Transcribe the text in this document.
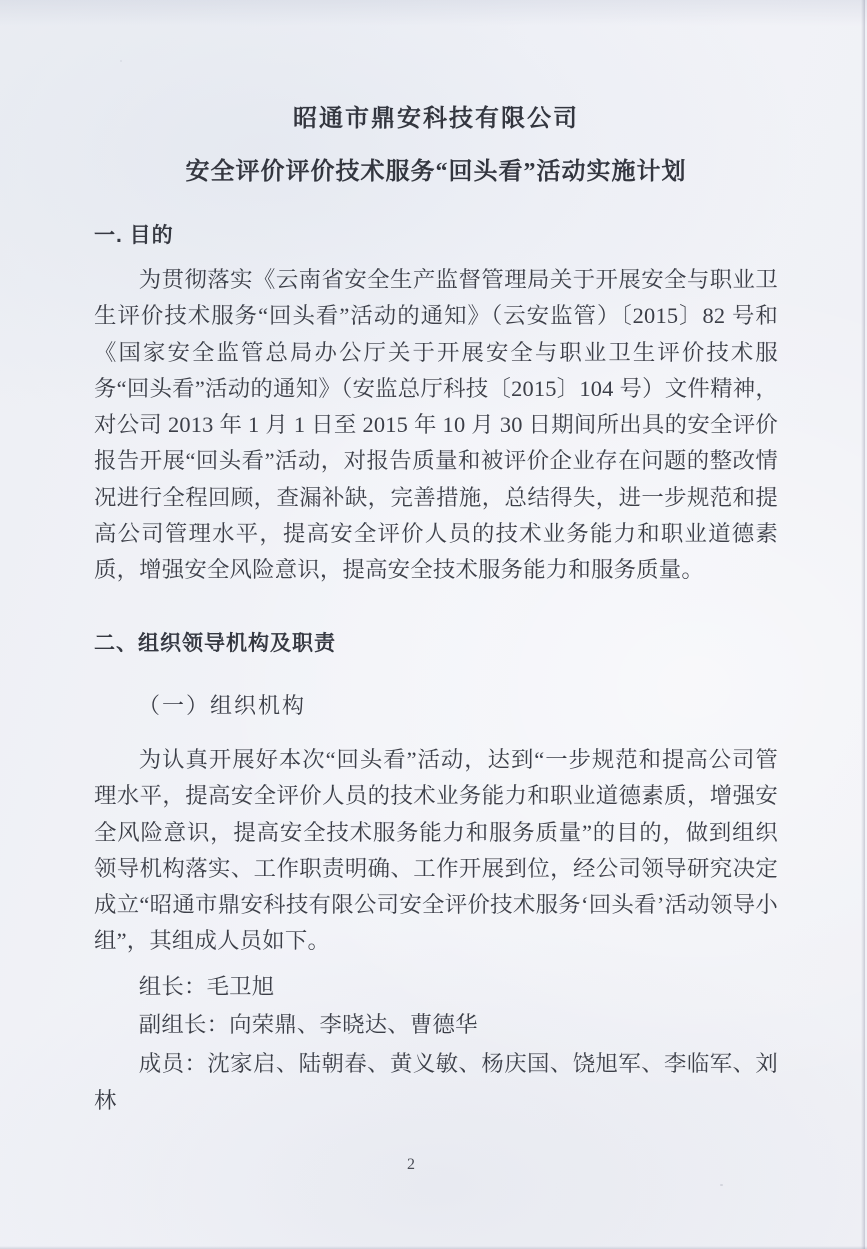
昭通市鼎安科技有限公司
安全评价评价技术服务“回头看”活动实施计划
一. 目的
为贯彻落实《云南省安全生产监督管理局关于开展安全与职业卫生评价技术服务“回头看”活动的通知》（云安监管）〔2015〕82 号和《国家安全监管总局办公厅关于开展安全与职业卫生评价技术服务“回头看”活动的通知》（安监总厅科技〔2015〕104 号）文件精神，对公司 2013 年 1 月 1 日至 2015 年 10 月 30 日期间所出具的安全评价报告开展“回头看”活动，对报告质量和被评价企业存在问题的整改情况进行全程回顾，查漏补缺，完善措施，总结得失，进一步规范和提高公司管理水平，提高安全评价人员的技术业务能力和职业道德素质，增强安全风险意识，提高安全技术服务能力和服务质量。
二、组织领导机构及职责
（一）组织机构
为认真开展好本次“回头看”活动，达到“一步规范和提高公司管理水平，提高安全评价人员的技术业务能力和职业道德素质，增强安全风险意识，提高安全技术服务能力和服务质量”的目的，做到组织领导机构落实、工作职责明确、工作开展到位，经公司领导研究决定成立“昭通市鼎安科技有限公司安全评价技术服务‘回头看’活动领导小组”，其组成人员如下。
组长：毛卫旭
副组长：向荣鼎、李晓达、曹德华
成员：沈家启、陆朝春、黄义敏、杨庆国、饶旭军、李临军、刘林
2
